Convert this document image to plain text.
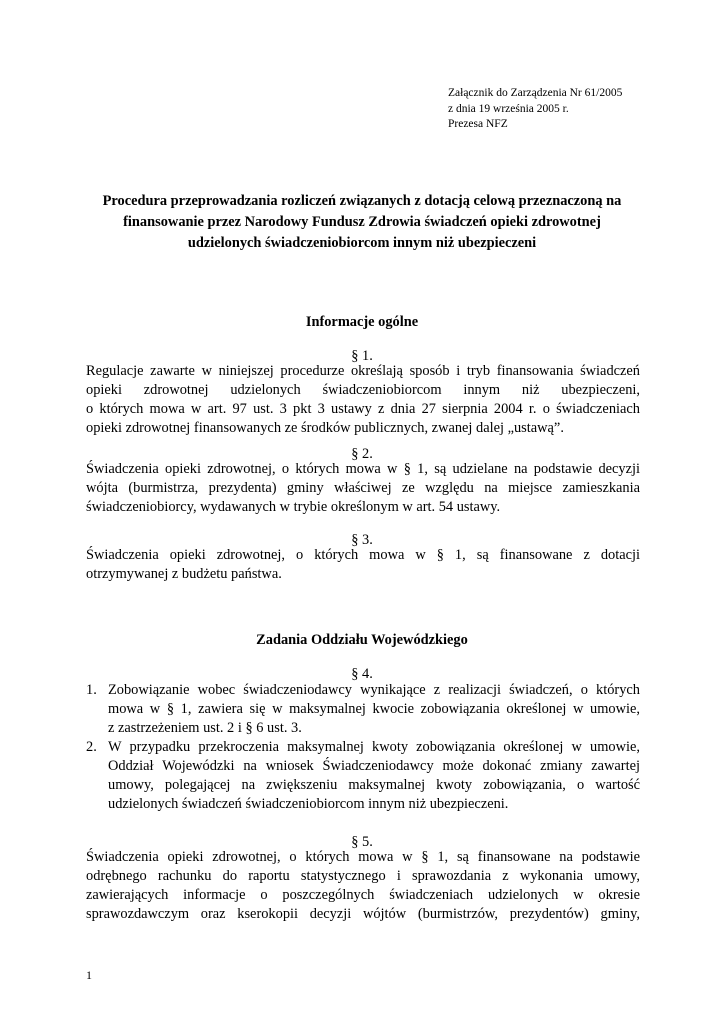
Załącznik do Zarządzenia Nr 61/2005
z dnia 19 września 2005 r.
Prezesa NFZ
Procedura przeprowadzania rozliczeń związanych z dotacją celową przeznaczoną na
finansowanie przez Narodowy Fundusz Zdrowia świadczeń opieki zdrowotnej
udzielonych świadczeniobiorcom innym niż ubezpieczeni
Informacje ogólne
§ 1.
Regulacje zawarte w niniejszej procedurze określają sposób i tryb finansowania świadczeń
opieki zdrowotnej udzielonych świadczeniobiorcom innym niż ubezpieczeni,
o których mowa w art. 97 ust. 3 pkt 3 ustawy z dnia 27 sierpnia 2004 r. o świadczeniach
opieki zdrowotnej finansowanych ze środków publicznych, zwanej dalej „ustawą”.
§ 2.
Świadczenia opieki zdrowotnej, o których mowa w § 1, są udzielane na podstawie decyzji
wójta (burmistrza, prezydenta) gminy właściwej ze względu na miejsce zamieszkania
świadczeniobiorcy, wydawanych w trybie określonym w art. 54 ustawy.
§ 3.
Świadczenia opieki zdrowotnej, o których mowa w § 1, są finansowane z dotacji
otrzymywanej z budżetu państwa.
Zadania Oddziału Wojewódzkiego
§ 4.
1. Zobowiązanie wobec świadczeniodawcy wynikające z realizacji świadczeń, o których
mowa w § 1, zawiera się w maksymalnej kwocie zobowiązania określonej w umowie,
z zastrzeżeniem ust. 2 i § 6 ust. 3.
2. W przypadku przekroczenia maksymalnej kwoty zobowiązania określonej w umowie,
Oddział Wojewódzki na wniosek Świadczeniodawcy może dokonać zmiany zawartej
umowy, polegającej na zwiększeniu maksymalnej kwoty zobowiązania, o wartość
udzielonych świadczeń świadczeniobiorcom innym niż ubezpieczeni.
§ 5.
Świadczenia opieki zdrowotnej, o których mowa w § 1, są finansowane na podstawie
odrębnego rachunku do raportu statystycznego i sprawozdania z wykonania umowy,
zawierających informacje o poszczególnych świadczeniach udzielonych w okresie
sprawozdawczym oraz kserokopii decyzji wójtów (burmistrzów, prezydentów) gminy,
1
